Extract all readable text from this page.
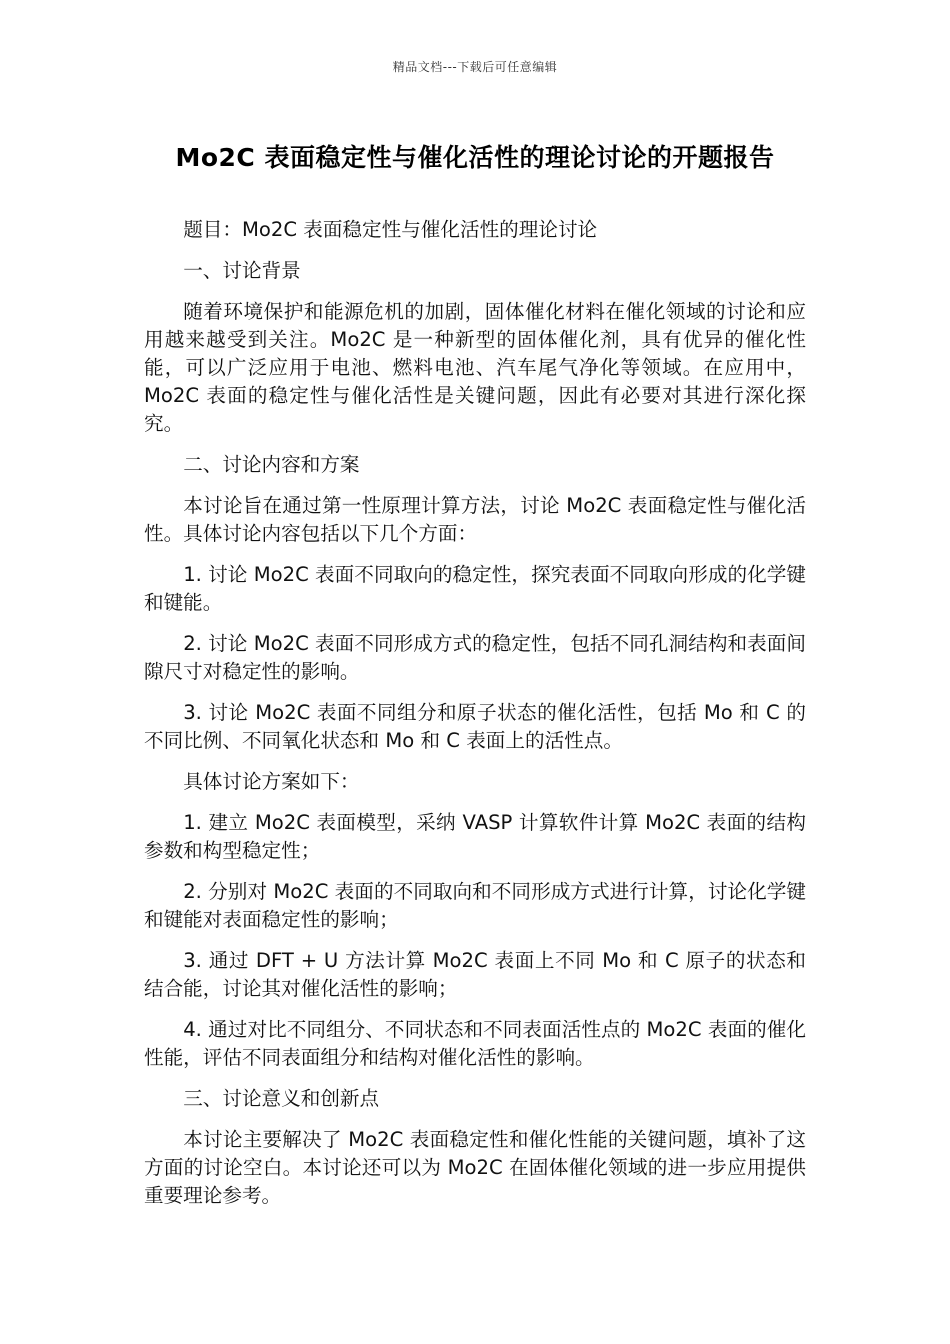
精品文档---下载后可任意编辑
Mo2C 表面稳定性与催化活性的理论讨论的开题报告

题目：Mo2C 表面稳定性与催化活性的理论讨论

一、讨论背景

随着环境保护和能源危机的加剧，固体催化材料在催化领域的讨论和应用越来越受到关注。Mo2C 是一种新型的固体催化剂，具有优异的催化性能，可以广泛应用于电池、燃料电池、汽车尾气净化等领域。在应用中，Mo2C 表面的稳定性与催化活性是关键问题，因此有必要对其进行深化探究。

二、讨论内容和方案

本讨论旨在通过第一性原理计算方法，讨论 Mo2C 表面稳定性与催化活性。具体讨论内容包括以下几个方面：

1. 讨论 Mo2C 表面不同取向的稳定性，探究表面不同取向形成的化学键和键能。

2. 讨论 Mo2C 表面不同形成方式的稳定性，包括不同孔洞结构和表面间隙尺寸对稳定性的影响。

3. 讨论 Mo2C 表面不同组分和原子状态的催化活性，包括 Mo 和 C 的不同比例、不同氧化状态和 Mo 和 C 表面上的活性点。

具体讨论方案如下：

1. 建立 Mo2C 表面模型，采纳 VASP 计算软件计算 Mo2C 表面的结构参数和构型稳定性；

2. 分别对 Mo2C 表面的不同取向和不同形成方式进行计算，讨论化学键和键能对表面稳定性的影响；

3. 通过 DFT + U 方法计算 Mo2C 表面上不同 Mo 和 C 原子的状态和结合能，讨论其对催化活性的影响；

4. 通过对比不同组分、不同状态和不同表面活性点的 Mo2C 表面的催化性能，评估不同表面组分和结构对催化活性的影响。

三、讨论意义和创新点

本讨论主要解决了 Mo2C 表面稳定性和催化性能的关键问题，填补了这方面的讨论空白。本讨论还可以为 Mo2C 在固体催化领域的进一步应用提供重要理论参考。
